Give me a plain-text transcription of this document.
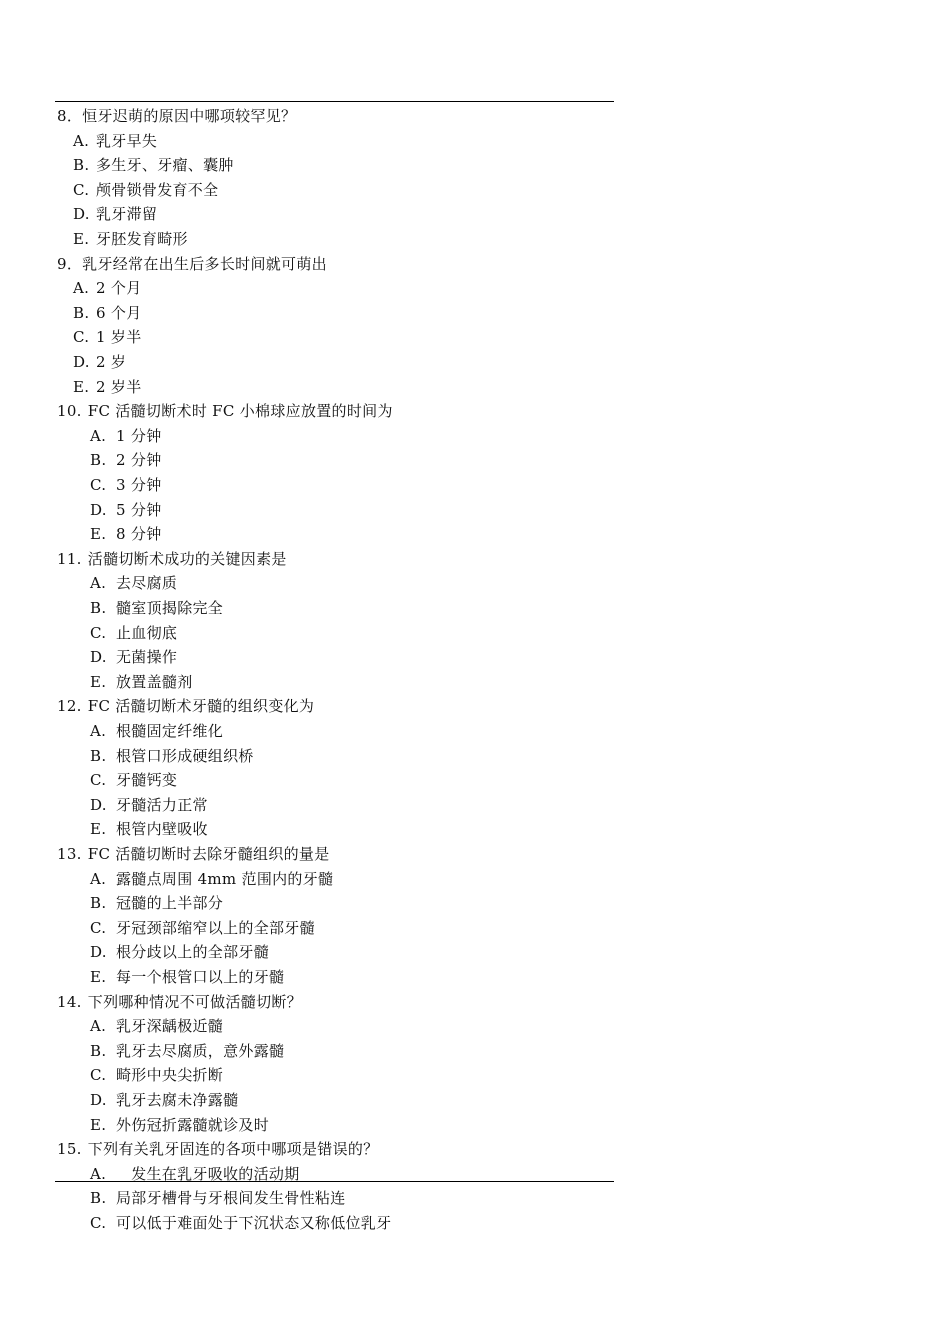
8．恒牙迟萌的原因中哪项较罕见？
A. 乳牙早失
B. 多生牙、牙瘤、囊肿
C. 颅骨锁骨发育不全
D. 乳牙滞留
E. 牙胚发育畸形
9．乳牙经常在出生后多长时间就可萌出
A. 2 个月
B. 6 个月
C. 1 岁半
D. 2 岁
E. 2 岁半
10. FC 活髓切断术时 FC 小棉球应放置的时间为
A. 1 分钟
B. 2 分钟
C. 3 分钟
D. 5 分钟
E. 8 分钟
11. 活髓切断术成功的关键因素是
A. 去尽腐质
B. 髓室顶揭除完全
C. 止血彻底
D. 无菌操作
E. 放置盖髓剂
12. FC 活髓切断术牙髓的组织变化为
A. 根髓固定纤维化
B. 根管口形成硬组织桥
C. 牙髓钙变
D. 牙髓活力正常
E. 根管内壁吸收
13. FC 活髓切断时去除牙髓组织的量是
A. 露髓点周围 4mm 范围内的牙髓
B. 冠髓的上半部分
C. 牙冠颈部缩窄以上的全部牙髓
D. 根分歧以上的全部牙髓
E. 每一个根管口以上的牙髓
14. 下列哪种情况不可做活髓切断？
A. 乳牙深龋极近髓
B. 乳牙去尽腐质，意外露髓
C. 畸形中央尖折断
D. 乳牙去腐未净露髓
E. 外伤冠折露髓就诊及时
15. 下列有关乳牙固连的各项中哪项是错误的？
A.   发生在乳牙吸收的活动期
B. 局部牙槽骨与牙根间发生骨性粘连
C. 可以低于难面处于下沉状态又称低位乳牙
